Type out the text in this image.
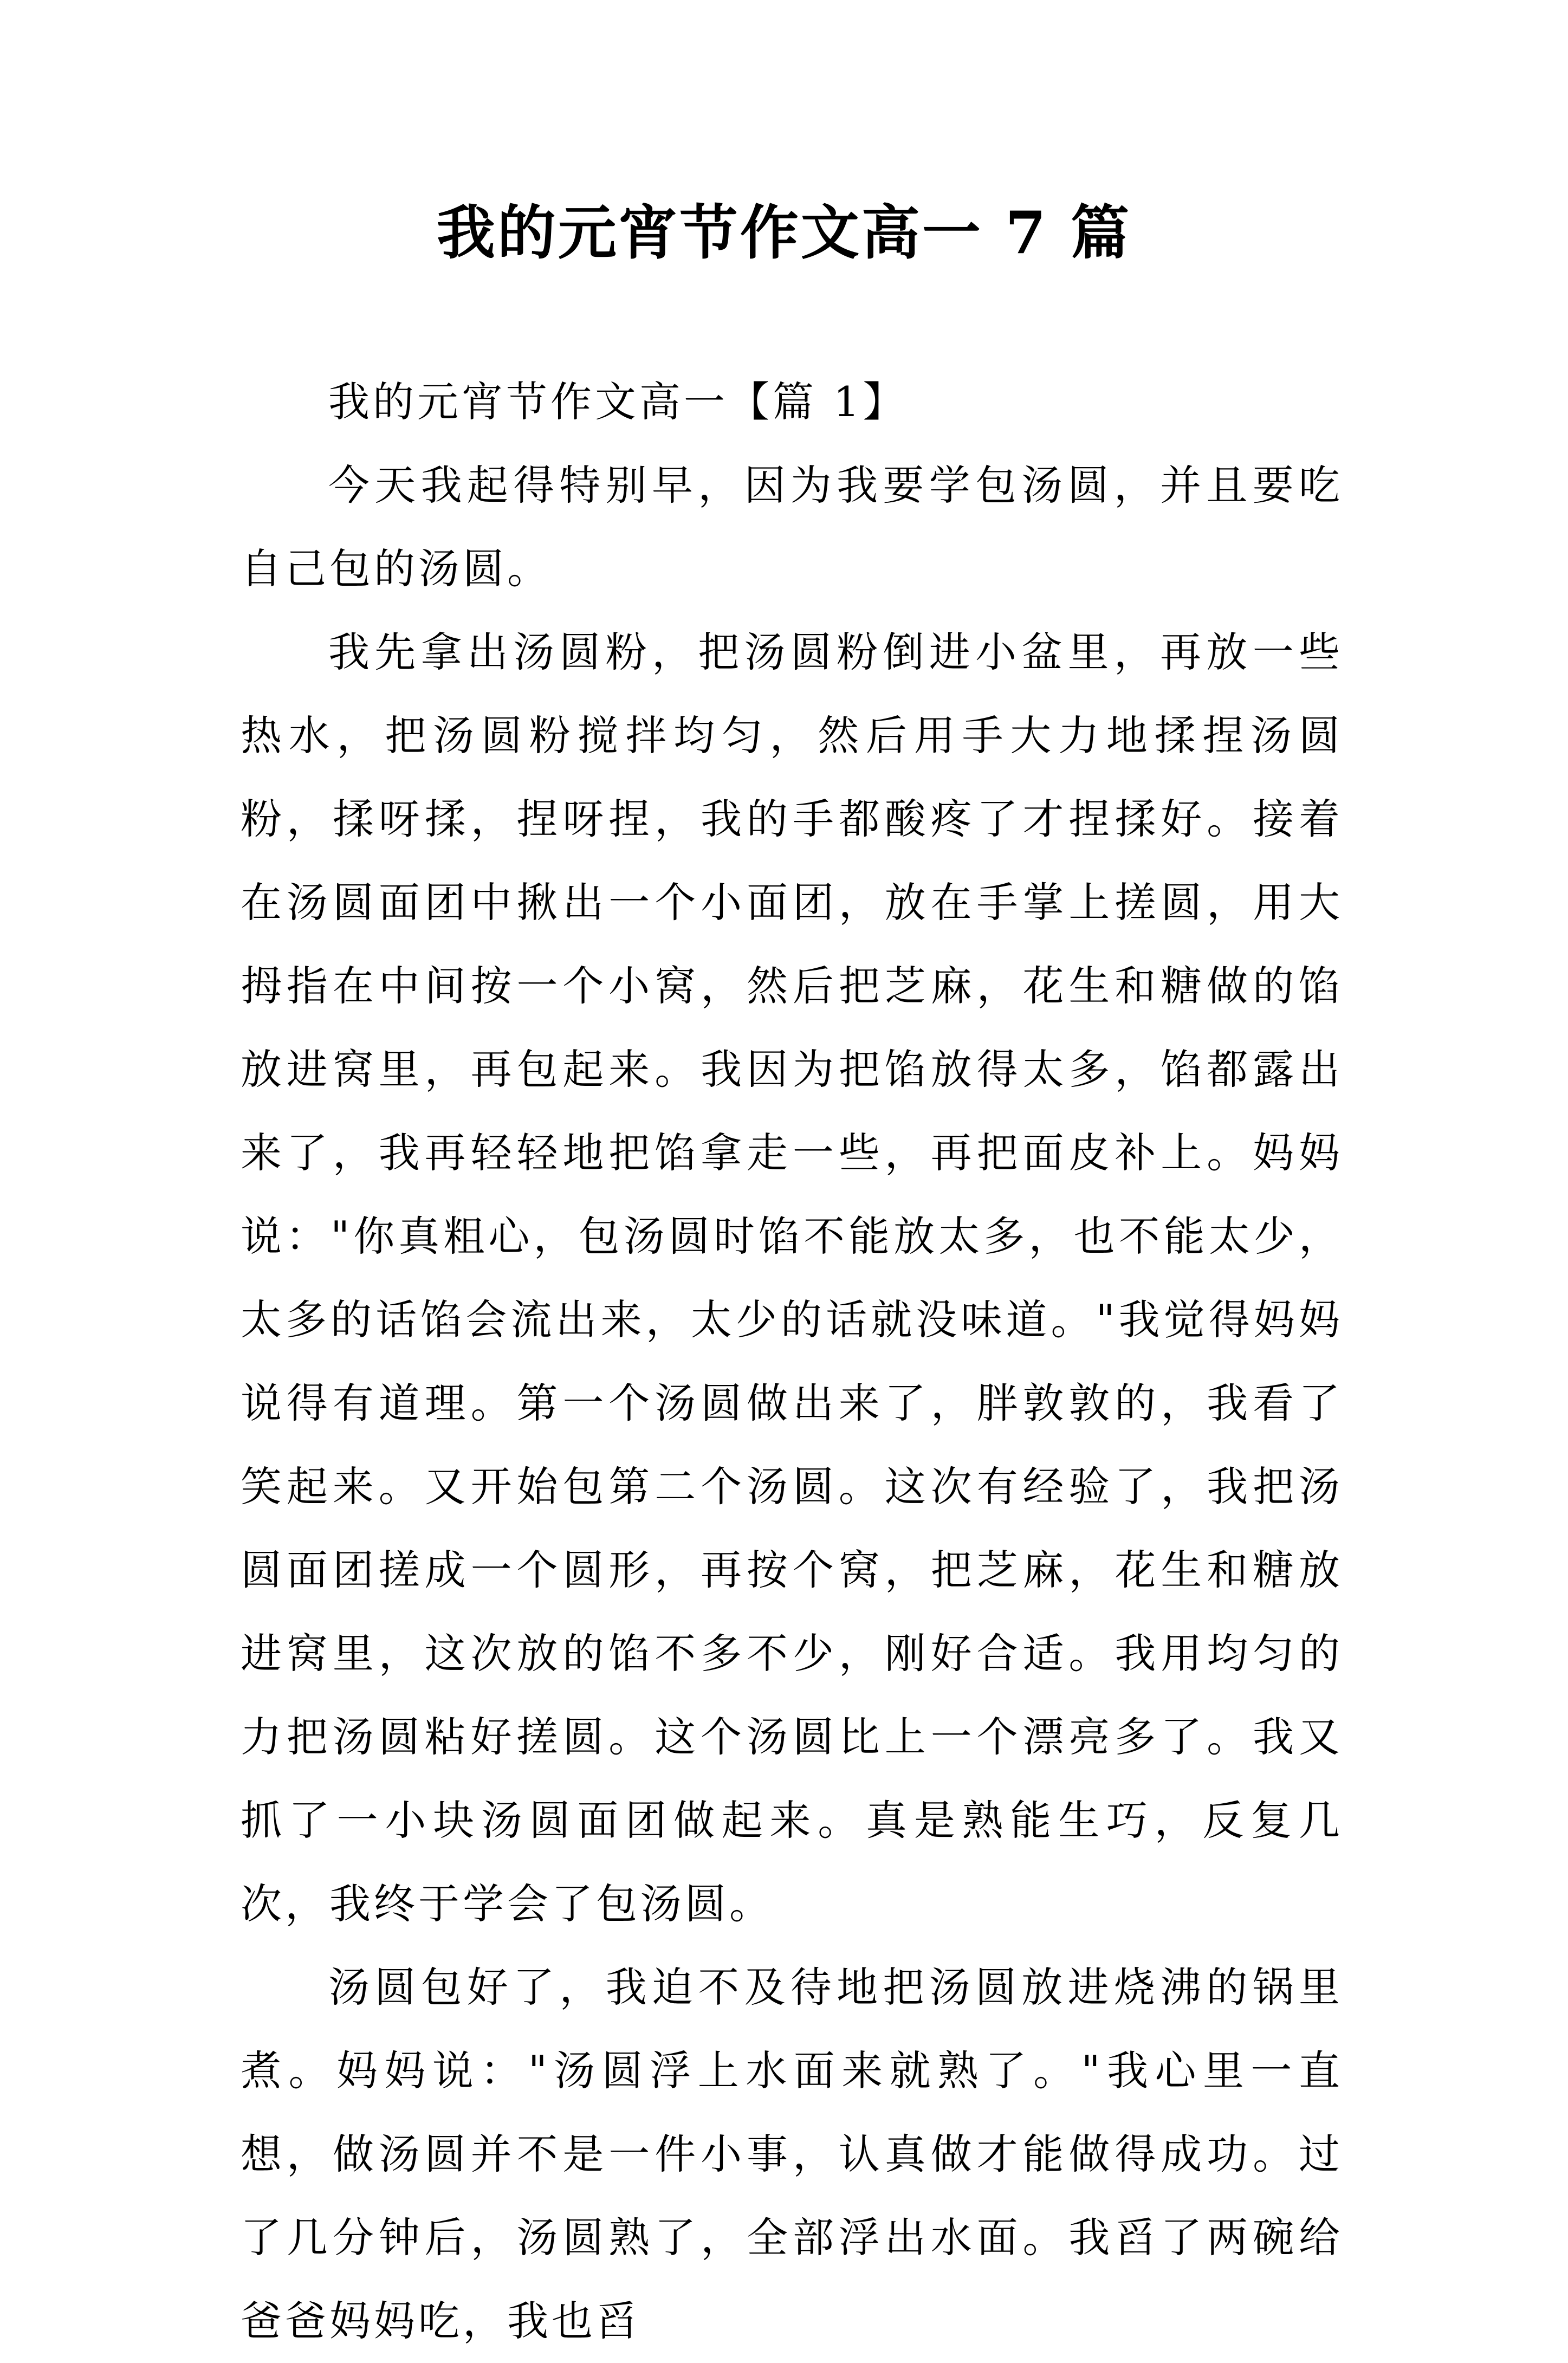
我的元宵节作文高一 7 篇

我的元宵节作文高一【篇 1】

今天我起得特别早，因为我要学包汤圆，并且要吃自己包的汤圆。

我先拿出汤圆粉，把汤圆粉倒进小盆里，再放一些热水，把汤圆粉搅拌均匀，然后用手大力地揉捏汤圆粉，揉呀揉，捏呀捏，我的手都酸疼了才捏揉好。接着在汤圆面团中揪出一个小面团，放在手掌上搓圆，用大拇指在中间按一个小窝，然后把芝麻，花生和糖做的馅放进窝里，再包起来。我因为把馅放得太多，馅都露出来了，我再轻轻地把馅拿走一些，再把面皮补上。妈妈说："你真粗心，包汤圆时馅不能放太多，也不能太少，太多的话馅会流出来，太少的话就没味道。"我觉得妈妈说得有道理。第一个汤圆做出来了，胖敦敦的，我看了笑起来。又开始包第二个汤圆。这次有经验了，我把汤圆面团搓成一个圆形，再按个窝，把芝麻，花生和糖放进窝里，这次放的馅不多不少，刚好合适。我用均匀的力把汤圆粘好搓圆。这个汤圆比上一个漂亮多了。我又抓了一小块汤圆面团做起来。真是熟能生巧，反复几次，我终于学会了包汤圆。

汤圆包好了，我迫不及待地把汤圆放进烧沸的锅里煮。妈妈说："汤圆浮上水面来就熟了。"我心里一直想，做汤圆并不是一件小事，认真做才能做得成功。过了几分钟后，汤圆熟了，全部浮出水面。我舀了两碗给爸爸妈妈吃，我也舀
